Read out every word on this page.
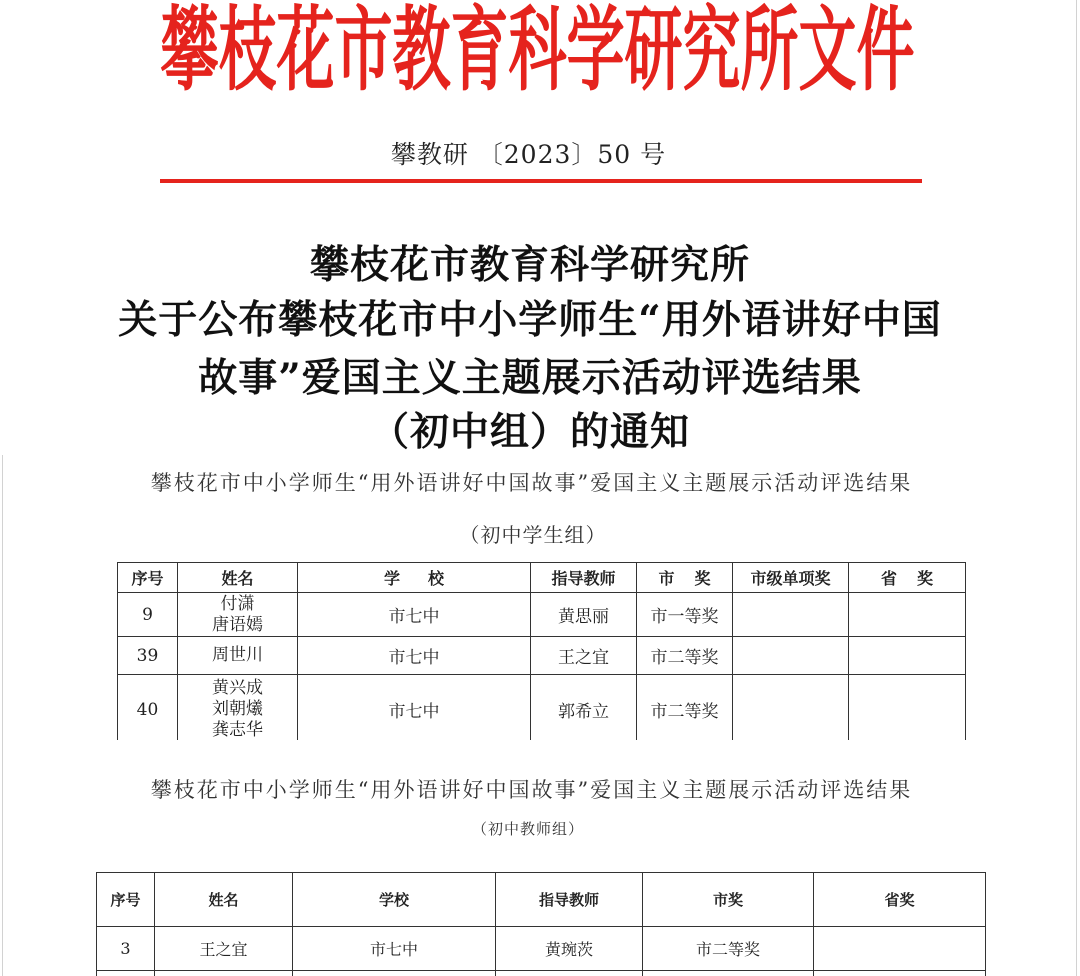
攀枝花市教育科学研究所文件
攀教研 〔2023〕50 号
攀枝花市教育科学研究所
关于公布攀枝花市中小学师生“用外语讲好中国
故事”爱国主义主题展示活动评选结果
（初中组）的通知
攀枝花市中小学师生“用外语讲好中国故事”爱国主义主题展示活动评选结果
（初中学生组）
序号	姓名	学 校	指导教师	市 奖	市级单项奖	省 奖
9	付潇
唐语嫣	市七中	黄思丽	市一等奖		
39	周世川	市七中	王之宜	市二等奖		
40	黄兴成
刘朝爔
龚志华	市七中	郭希立	市二等奖		
攀枝花市中小学师生“用外语讲好中国故事”爱国主义主题展示活动评选结果
（初中教师组）
序号	姓名	学校	指导教师	市奖	省奖
3	王之宜	市七中	黄琬茨	市二等奖	
